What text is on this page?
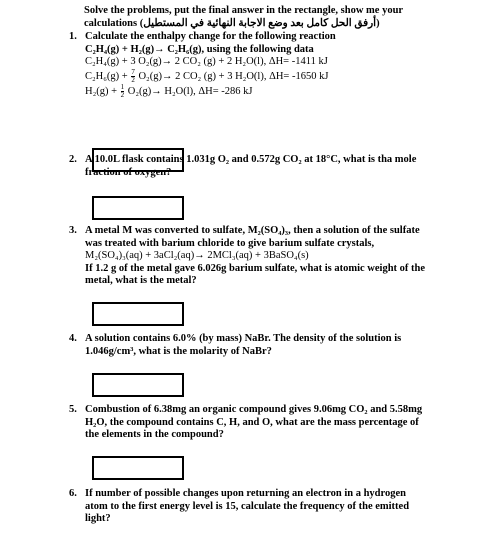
Solve the problems, put the final answer in the rectangle, show me your
calculations (أرفق الحل كامل بعد وضع الاجابة النهائية في المستطيل)
1. Calculate the enthalpy change for the following reaction
C₂H₄(g) + H₂(g)→ C₂H₆(g), using the following data
C₂H₄(g) + 3 O₂(g)→ 2 CO₂ (g) + 2 H₂O(l), ΔH= -1411 kJ
$C_2H_6(g) + \frac{7}{2} O_2(g)\to 2$ CO₂ (g) + 3 H₂O(l), ΔH= -1650 kJ
$H_2(g) + \frac{1}{2} O_2(g)\to H_2O(l)$, ΔH= -286 kJ
2. A 10.0L flask contains 1.031g O₂ and 0.572g CO₂ at 18°C, what is tha mole
fraction of oxygen?
3. A metal M was converted to sulfate, M₂(SO₄)₃, then a solution of the sulfate
was treated with barium chloride to give barium sulfate crystals,
M₂(SO₄)₃(aq) + 3aCl₂(aq)→ 2MCl₃(aq) + 3BaSO₄(s)
If 1.2 g of the metal gave 6.026g barium sulfate, what is atomic weight of the
metal, what is the metal?
4. A solution contains 6.0% (by mass) NaBr. The density of the solution is
1.046g/cm³, what is the molarity of NaBr?
5. Combustion of 6.38mg an organic compound gives 9.06mg CO₂ and 5.58mg
H₂O, the compound contains C, H, and O, what are the mass percentage of
the elements in the compound?
6. If number of possible changes upon returning an electron in a hydrogen
atom to the first energy level is 15, calculate the frequency of the emitted
light?
